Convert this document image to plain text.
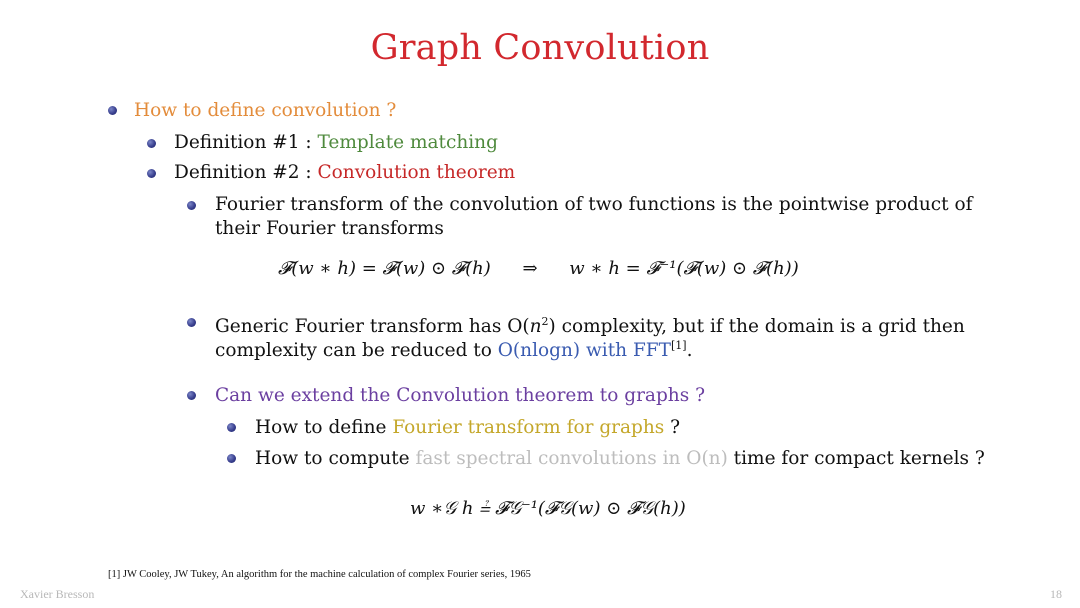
Graph Convolution
How to define convolution ?
Definition #1 : Template matching
Definition #2 : Convolution theorem
Fourier transform of the convolution of two functions is the pointwise product of
their Fourier transforms
𝓕(w ∗ h) = 𝓕(w) ⊙ 𝓕(h) ⇒ w ∗ h = 𝓕⁻¹(𝓕(w) ⊙ 𝓕(h))
Generic Fourier transform has $O(n^2)$ complexity, but if the domain is a grid then
complexity can be reduced to O(nlogn) with FFT[1].
Can we extend the Convolution theorem to graphs ?
How to define Fourier transform for graphs ?
How to compute fast spectral convolutions in O(n) time for compact kernels ?
w ∗𝒢 h ≟ 𝓕𝒢⁻¹(𝓕𝒢(w) ⊙ 𝓕𝒢(h))
[1] JW Cooley, JW Tukey, An algorithm for the machine calculation of complex Fourier series, 1965
Xavier Bresson	18
